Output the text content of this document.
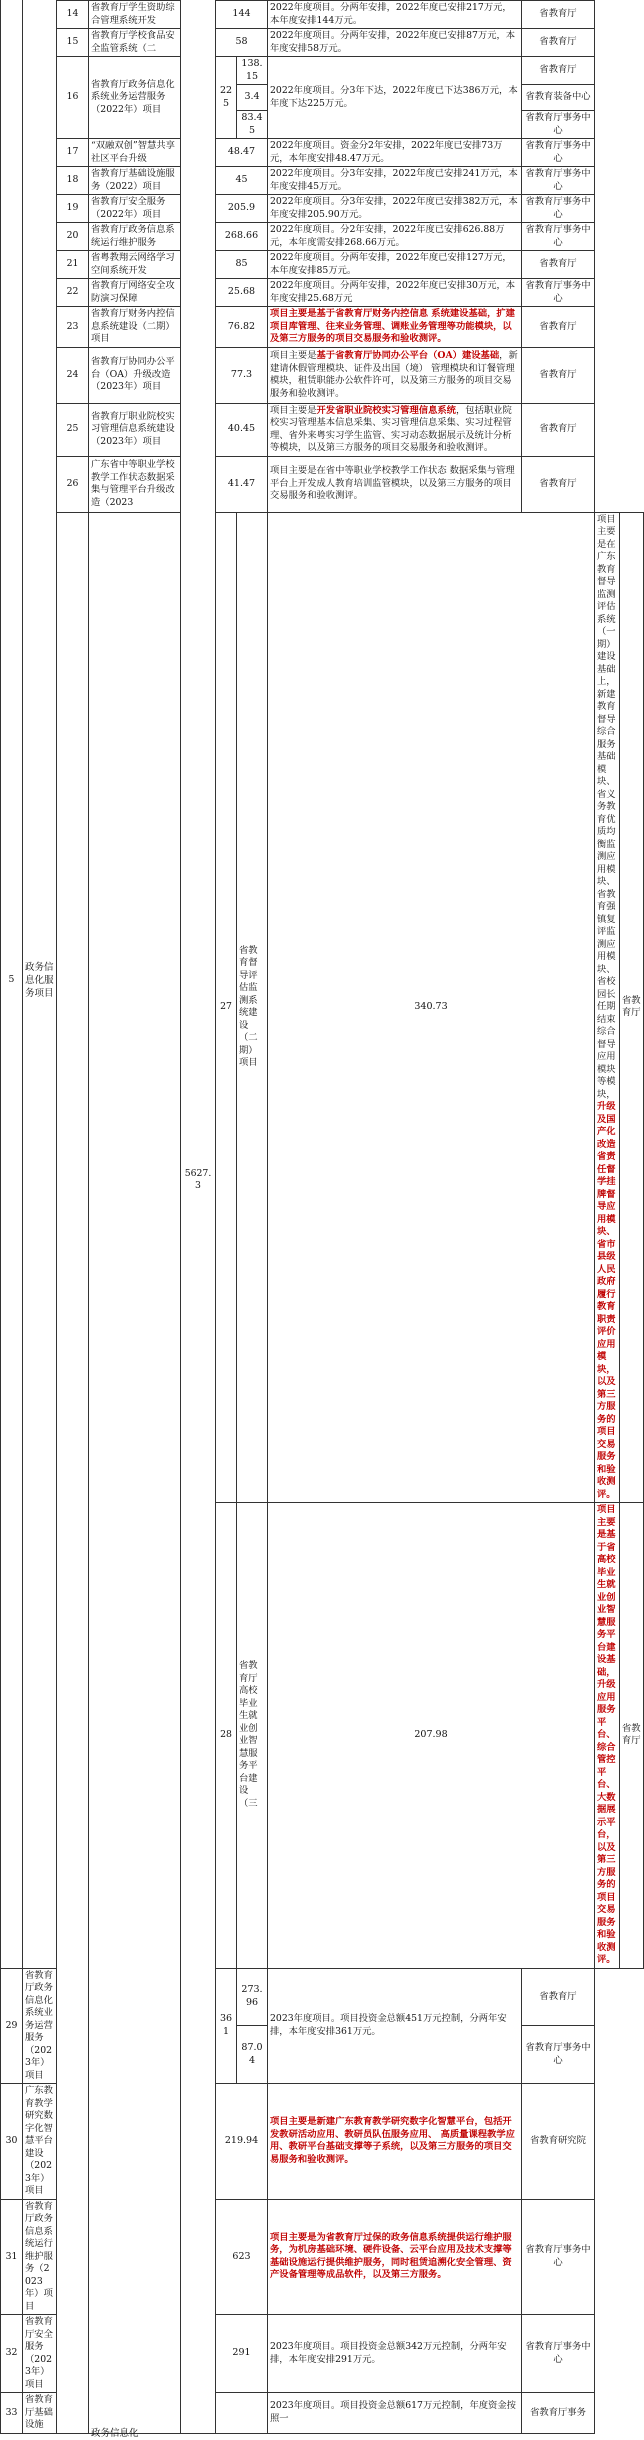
5	政务信息化服务项目			5627.3						

		14	省教育厅学生资助综合管理系统开发		144		2022年度项目。分两年安排，2022年度已安排217万元，本年度安排144万元。	省教育厅		
		15	省教育厅学校食品安全监管系统（二		58		2022年度项目。分两年安排，2022年度已安排87万元，本年度安排58万元。	省教育厅		
		16	省教育厅政务信息化系统业务运营服务（2022年）项目		225	138.15	2022年度项目。分3年下达，2022年度已下达386万元，本年度下达225万元。	省教育厅		
						3.4		省教育装备中心		
						83.45		省教育厅事务中心		
		17	“双融双创”智慧共享社区平台升级		48.47		2022年度项目。资金分2年安排，2022年度已安排73万元，本年度安排48.47万元。	省教育厅事务中心		
		18	省教育厅基础设施服务（2022）项目		45		2022年度项目。分3年安排，2022年度已安排241万元，本年度安排45万元。	省教育厅事务中心		
		19	省教育厅安全服务（2022年）项目		205.9		2022年度项目。分3年安排，2022年度已安排382万元，本年度安排205.90万元。	省教育厅事务中心		
		20	省教育厅政务信息系统运行维护服务		268.66		2022年度项目。分2年安排，2022年度已安排626.88万元，本年度需安排268.66万元。	省教育厅事务中心		
		21	省粤教翔云网络学习空间系统开发		85		2022年度项目。分两年安排，2022年度已安排127万元，本年度安排85万元。	省教育厅		
		22	省教育厅网络安全攻防演习保障		25.68		2022年度项目。分两年安排，2022年度已安排30万元，本年度安排25.68万元	省教育厅事务中心		
		23	省教育厅财务内控信息系统建设（二期）项目		76.82		项目主要是基于省教育厅财务内控信息 系统建设基础，扩建项目库管理、往来业务管理、调账业务管理等功能模块，以及第三方服务的项目交易服务和验收测评。	省教育厅		
		24	省教育厅协同办公平台（OA）升级改造（2023年）项目		77.3		项目主要是基于省教育厅协同办公平台（OA）建设基础，新建请休假管理模块、证件及出国（境） 管理模块和订餐管理模块，租赁职能办公软件许可，以及第三方服务的项目交易服务和验收测评。	省教育厅		
		25	省教育厅职业院校实习管理信息系统建设（2023年）项目		40.45		项目主要是开发省职业院校实习管理信息系统，包括职业院校实习管理基本信息采集、实习管理信息采集、实习过程管理、省外来粤实习学生监管、实习动态数据展示及统计分析等模块，以及第三方服务的项目交易服务和验收测评。	省教育厅		
		26	广东省中等职业学校教学工作状态数据采集与管理平台升级改造（2023		41.47		项目主要是在省中等职业学校教学工作状态 数据采集与管理平台上开发成人教育培训监管模块，以及第三方服务的项目交易服务和验收测评。	省教育厅		

			政务信息化		27	省教育督导评估监测系统建设（二期）项目	340.73		项目主要是在广东教育督导监测评估系统（一期）建设基础上，新建教育督导综合服务基础模块、省义务教育优质均衡监测应用模块、省教育强镇复评监测应用模块、省校园长任期结束综合督导应用模块等模块，升级及国产化改造省责任督学挂牌督导应用模块、省市县级人民政府履行教育职责评价应用模块，以及第三方服务的项目交易服务和验收测评。	省教育厅
					28	省教育厅高校毕业生就业创业智慧服务平台建设（三	207.98		项目主要是基于省高校毕业生就业创业智慧服务平台建设基础，升级应用服务平台、综合管控平台、大数据展示平台，以及第三方服务的项目交易服务和验收测评。	省教育厅
29	省教育厅政务信息化系统业务运营服务（2023年）项目				361	273.96	2023年度项目。项目投资金总额451万元控制，分两年安排，本年度安排361万元。	省教育厅		
						87.04		省教育厅事务中心		
30	广东教育教学研究数字化智慧平台建设（2023年）项目				219.94		项目主要是新建广东教育教学研究数字化智慧平台，包括开发教研活动应用、教研员队伍服务应用、 高质量课程教学应用、教研平台基础支撑等子系统，以及第三方服务的项目交易服务和验收测评。	省教育研究院		
31	省教育厅政务信息系统运行维护服务（2023年）项目				623		项目主要是为省教育厅过保的政务信息系统提供运行维护服务，为机房基础环境、硬件设备、云平台应用及技术支撑等基础设施运行提供维护服务，同时租赁追溯化安全管理、资产设备管理等成品软件，以及第三方服务。	省教育厅事务中心		
32	省教育厅安全服务（2023年）项目				291		2023年度项目。项目投资金总额342万元控制，分两年安排，本年度安排291万元。	省教育厅事务中心		
33	省教育厅基础设施						2023年度项目。项目投资金总额617万元控制，年度资金按照一	省教育厅事务		
